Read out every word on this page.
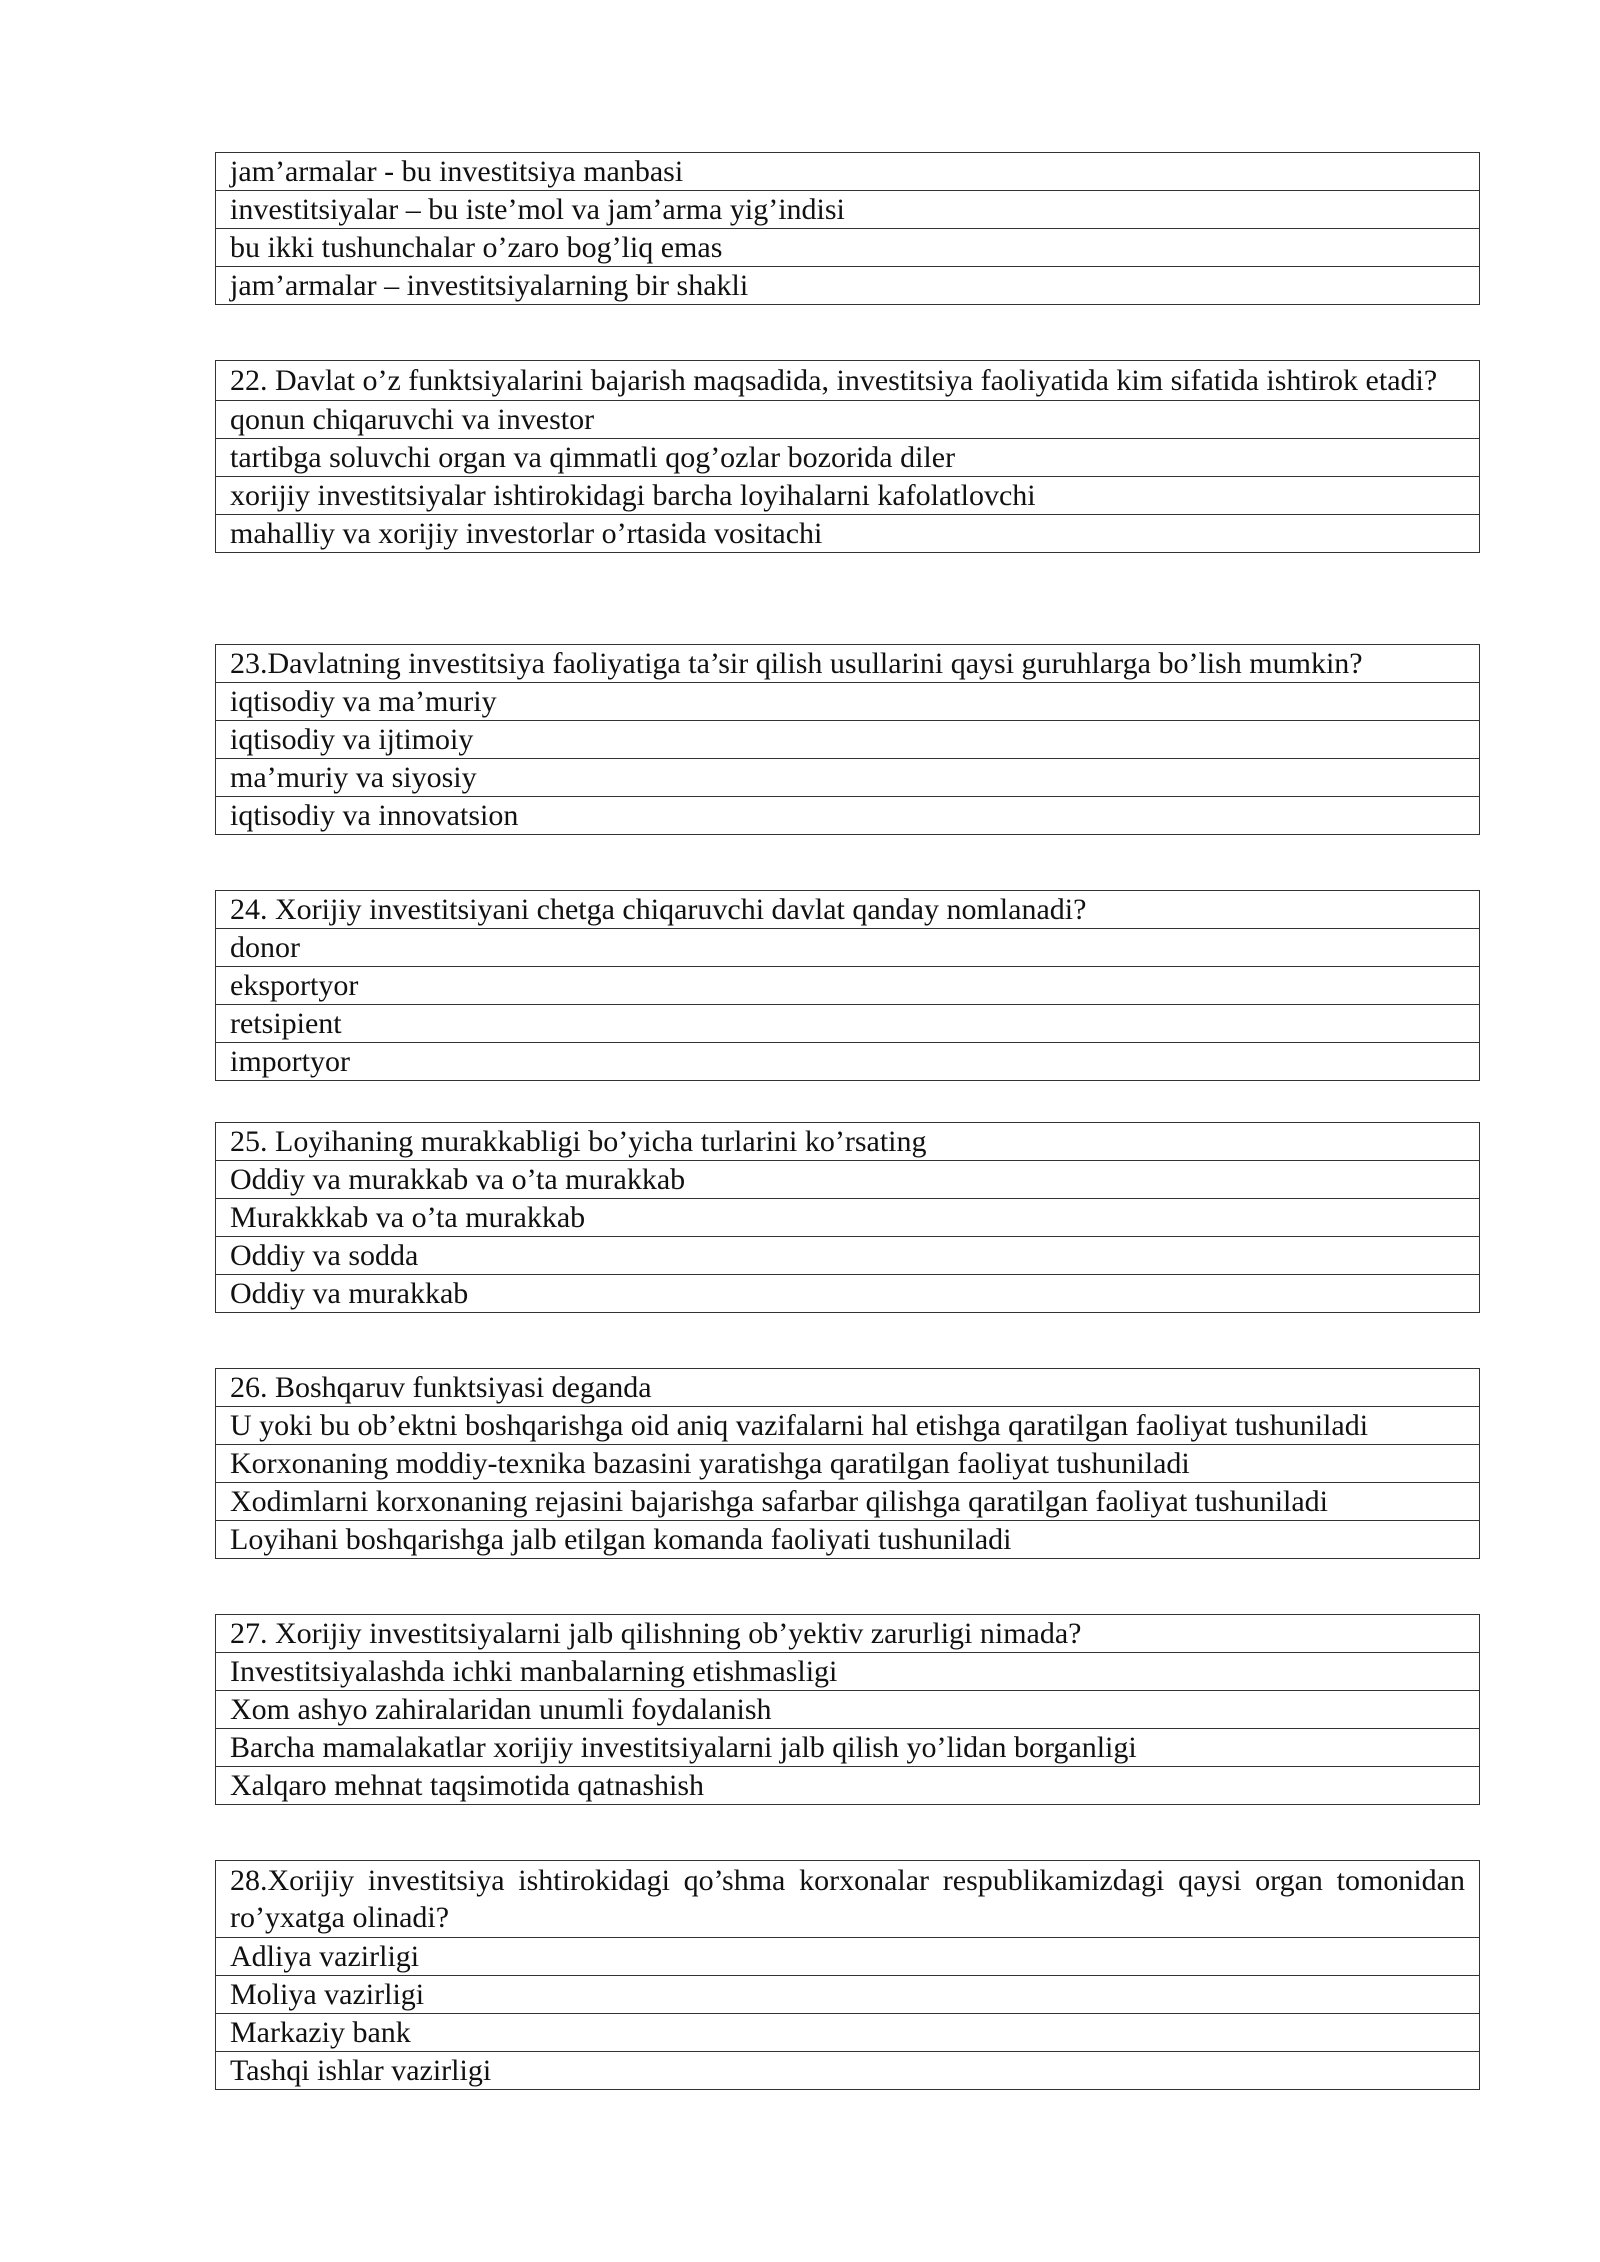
jam’armalar - bu investitsiya manbasi
investitsiyalar – bu iste’mol va jam’arma yig’indisi
bu ikki tushunchalar o’zaro bog’liq emas
jam’armalar – investitsiyalarning bir shakli
22. Davlat o’z funktsiyalarini bajarish maqsadida, investitsiya faoliyatida kim sifatida ishtirok etadi?
qonun chiqaruvchi va investor
tartibga soluvchi organ va qimmatli qog’ozlar bozorida diler
xorijiy investitsiyalar ishtirokidagi barcha loyihalarni kafolatlovchi
mahalliy va xorijiy investorlar o’rtasida vositachi
23.Davlatning investitsiya faoliyatiga ta’sir qilish usullarini qaysi guruhlarga bo’lish mumkin?
iqtisodiy va ma’muriy
iqtisodiy va ijtimoiy
ma’muriy va siyosiy
iqtisodiy va innovatsion
24. Xorijiy investitsiyani chetga chiqaruvchi davlat qanday nomlanadi?
donor
eksportyor
retsipient
importyor
25. Loyihaning murakkabligi bo’yicha turlarini ko’rsating
Oddiy va murakkab va o’ta murakkab
Murakkkab va o’ta murakkab
Oddiy va sodda
Oddiy va murakkab
26. Boshqaruv funktsiyasi deganda
U yoki bu ob’ektni boshqarishga oid aniq vazifalarni hal etishga qaratilgan faoliyat tushuniladi
Korxonaning moddiy-texnika bazasini yaratishga qaratilgan faoliyat tushuniladi
Xodimlarni korxonaning rejasini bajarishga safarbar qilishga qaratilgan faoliyat tushuniladi
Loyihani boshqarishga jalb etilgan komanda faoliyati tushuniladi
27. Xorijiy investitsiyalarni jalb qilishning ob’yektiv zarurligi nimada?
Investitsiyalashda ichki manbalarning etishmasligi
Xom ashyo zahiralaridan unumli foydalanish
Barcha mamalakatlar xorijiy investitsiyalarni jalb qilish yo’lidan borganligi
Xalqaro mehnat taqsimotida qatnashish
28.Xorijiy investitsiya ishtirokidagi qo’shma korxonalar respublikamizdagi qaysi organ tomonidan ro’yxatga olinadi?
Adliya vazirligi
Moliya vazirligi
Markaziy bank
Tashqi ishlar vazirligi
